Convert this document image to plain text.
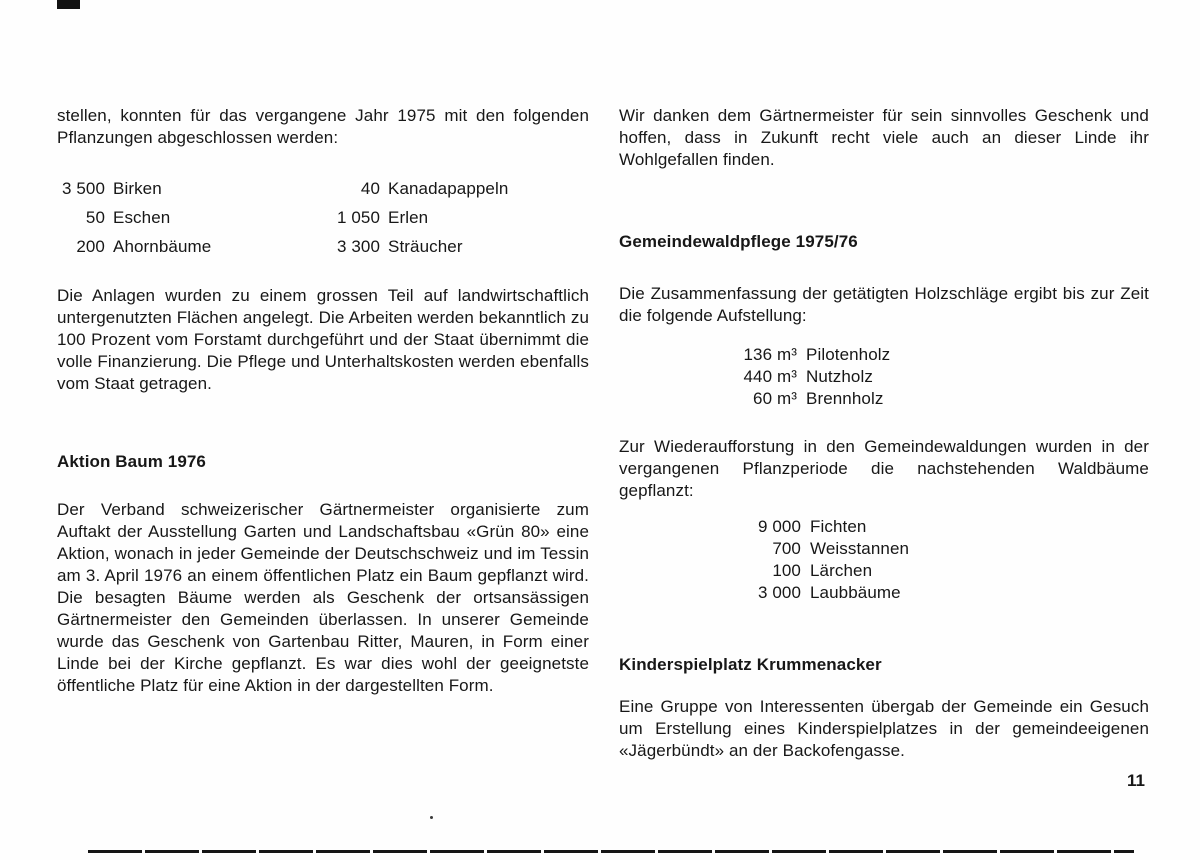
stellen, konnten für das vergangene Jahr 1975 mit den folgenden Pflanzungen abgeschlossen werden:

3 500 Birken	40 Kanadapappeln
50 Eschen	1 050 Erlen
200 Ahornbäume	3 300 Sträucher

Die Anlagen wurden zu einem grossen Teil auf landwirtschaftlich untergenutzten Flächen angelegt. Die Arbeiten werden bekanntlich zu 100 Prozent vom Forstamt durchgeführt und der Staat übernimmt die volle Finanzierung. Die Pflege und Unterhaltskosten werden ebenfalls vom Staat getragen.

Aktion Baum 1976

Der Verband schweizerischer Gärtnermeister organisierte zum Auftakt der Ausstellung Garten und Landschaftsbau «Grün 80» eine Aktion, wonach in jeder Gemeinde der Deutschschweiz und im Tessin am 3. April 1976 an einem öffentlichen Platz ein Baum gepflanzt wird. Die besagten Bäume werden als Geschenk der ortsansässigen Gärtnermeister den Gemeinden überlassen. In unserer Gemeinde wurde das Geschenk von Gartenbau Ritter, Mauren, in Form einer Linde bei der Kirche gepflanzt. Es war dies wohl der geeignetste öffentliche Platz für eine Aktion in der dargestellten Form.

Wir danken dem Gärtnermeister für sein sinnvolles Geschenk und hoffen, dass in Zukunft recht viele auch an dieser Linde ihr Wohlgefallen finden.

Gemeindewaldpflege 1975/76

Die Zusammenfassung der getätigten Holzschläge ergibt bis zur Zeit die folgende Aufstellung:

136 m³ Pilotenholz
440 m³ Nutzholz
60 m³ Brennholz

Zur Wiederaufforstung in den Gemeindewaldungen wurden in der vergangenen Pflanzperiode die nachstehenden Waldbäume gepflanzt:

9 000 Fichten
700 Weisstannen
100 Lärchen
3 000 Laubbäume
Kinderspielplatz Krummenacker

Eine Gruppe von Interessenten übergab der Gemeinde ein Gesuch um Erstellung eines Kinderspielplatzes in der gemeindeeigenen «Jägerbündt» an der Backofengasse.

11
